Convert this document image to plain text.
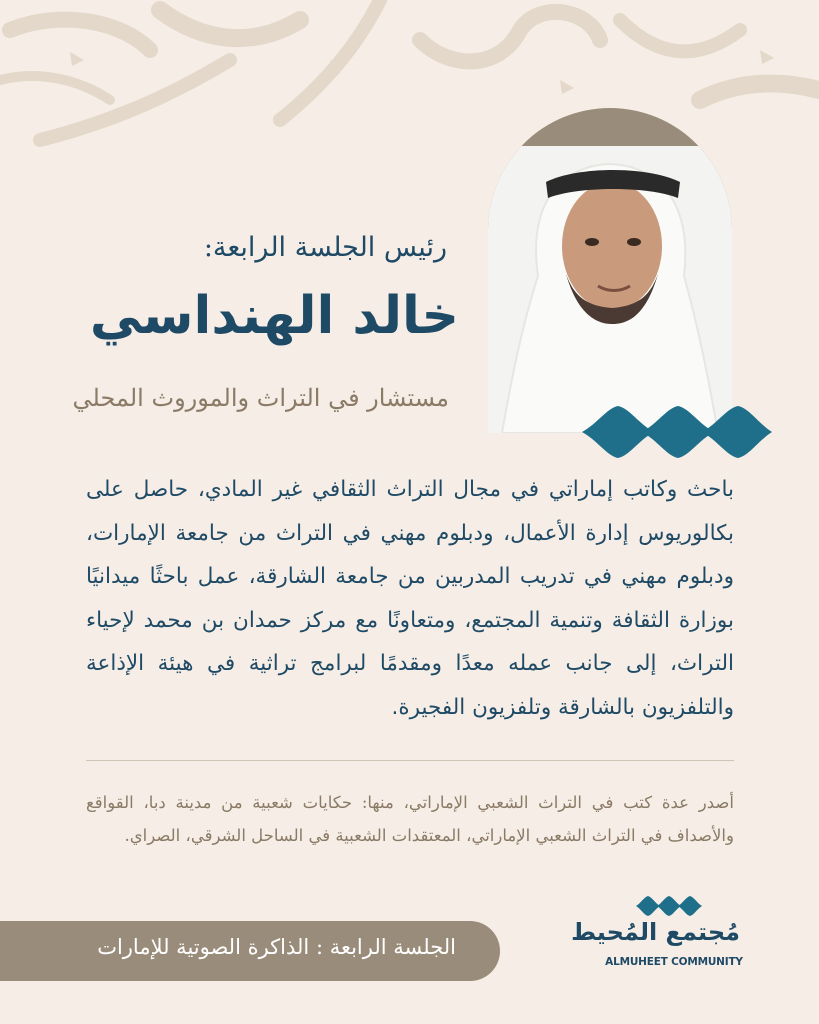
رئيس الجلسة الرابعة:
خالد الهنداسي
مستشار في التراث والموروث المحلي

باحث وكاتب إماراتي في مجال التراث الثقافي غير المادي، حاصل على بكالوريوس إدارة الأعمال، ودبلوم مهني في التراث من جامعة الإمارات، ودبلوم مهني في تدريب المدربين من جامعة الشارقة، عمل باحثًا ميدانيًا بوزارة الثقافة وتنمية المجتمع، ومتعاونًا مع مركز حمدان بن محمد لإحياء التراث، إلى جانب عمله معدًا ومقدمًا لبرامج تراثية في هيئة الإذاعة والتلفزيون بالشارقة وتلفزيون الفجيرة.

أصدر عدة كتب في التراث الشعبي الإماراتي، منها: حكايات شعبية من مدينة دبا، القواقع والأصداف في التراث الشعبي الإماراتي، المعتقدات الشعبية في الساحل الشرقي، الصراي.

الجلسة الرابعة : الذاكرة الصوتية للإمارات
مُجتمع المُحيط
ALMUHEET COMMUNITY
